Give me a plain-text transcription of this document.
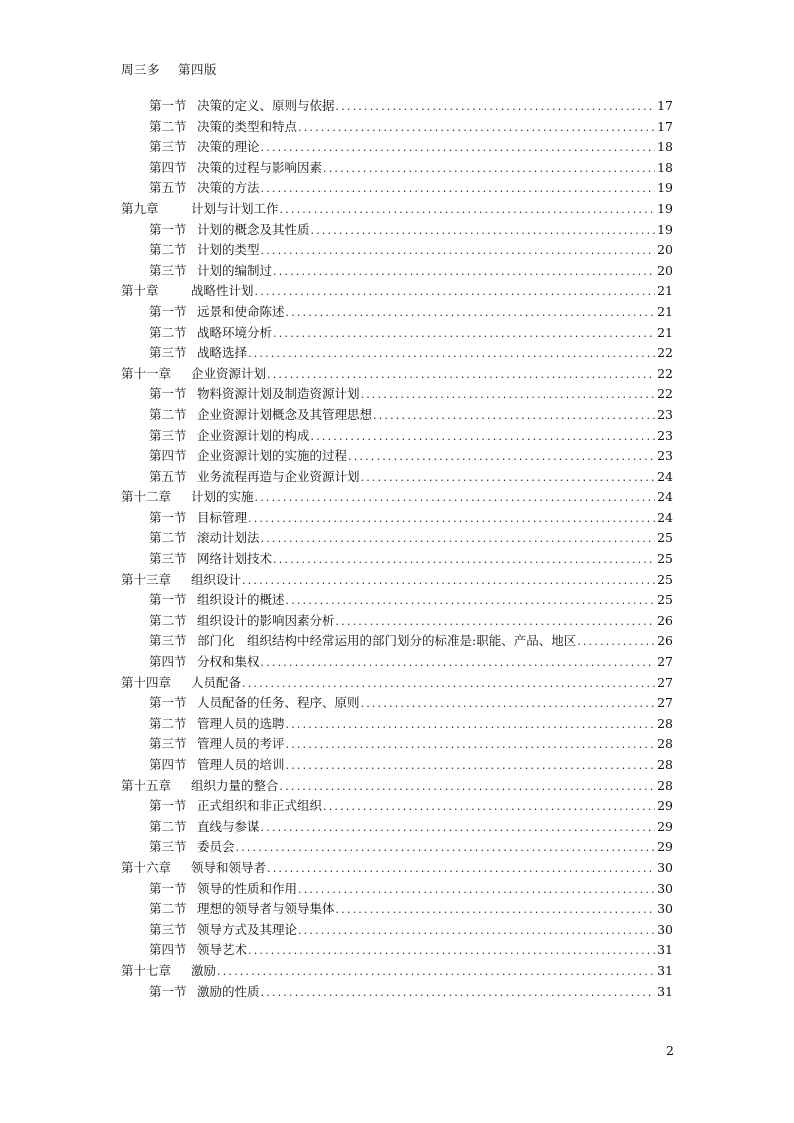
周三多 第四版
第一节 决策的定义、原则与依据 .....	17
第二节 决策的类型和特点 .....	17
第三节 决策的理论 .....	18
第四节 决策的过程与影响因素 .....	18
第五节 决策的方法 .....	19
第九章	计划与计划工作 .....	19
第一节 计划的概念及其性质 .....	19
第二节 计划的类型 .....	20
第三节 计划的编制过 .....	20
第十章	战略性计划 .....	21
第一节 远景和使命陈述 .....	21
第二节 战略环境分析 .....	21
第三节 战略选择 .....	22
第十一章	企业资源计划 .....	22
第一节 物料资源计划及制造资源计划 .....	22
第二节 企业资源计划概念及其管理思想 .....	23
第三节 企业资源计划的构成 .....	23
第四节 企业资源计划的实施的过程 .....	23
第五节 业务流程再造与企业资源计划 .....	24
第十二章	计划的实施 .....	24
第一节 目标管理 .....	24
第二节 滚动计划法 .....	25
第三节 网络计划技术 .....	25
第十三章	组织设计 .....	25
第一节 组织设计的概述 .....	25
第二节 组织设计的影响因素分析 .....	26
第三节 部门化　组织结构中经常运用的部门划分的标准是:职能、产品、地区 .....	26
第四节 分权和集权 .....	27
第十四章	人员配备 .....	27
第一节 人员配备的任务、程序、原则 .....	27
第二节 管理人员的选聘 .....	28
第三节 管理人员的考评 .....	28
第四节 管理人员的培训 .....	28
第十五章	组织力量的整合 .....	28
第一节 正式组织和非正式组织 .....	29
第二节 直线与参谋 .....	29
第三节 委员会 .....	29
第十六章	领导和领导者 .....	30
第一节 领导的性质和作用 .....	30
第二节 理想的领导者与领导集体 .....	30
第三节 领导方式及其理论 .....	30
第四节 领导艺术 .....	31
第十七章	激励 .....	31
第一节 激励的性质 .....	31
2
